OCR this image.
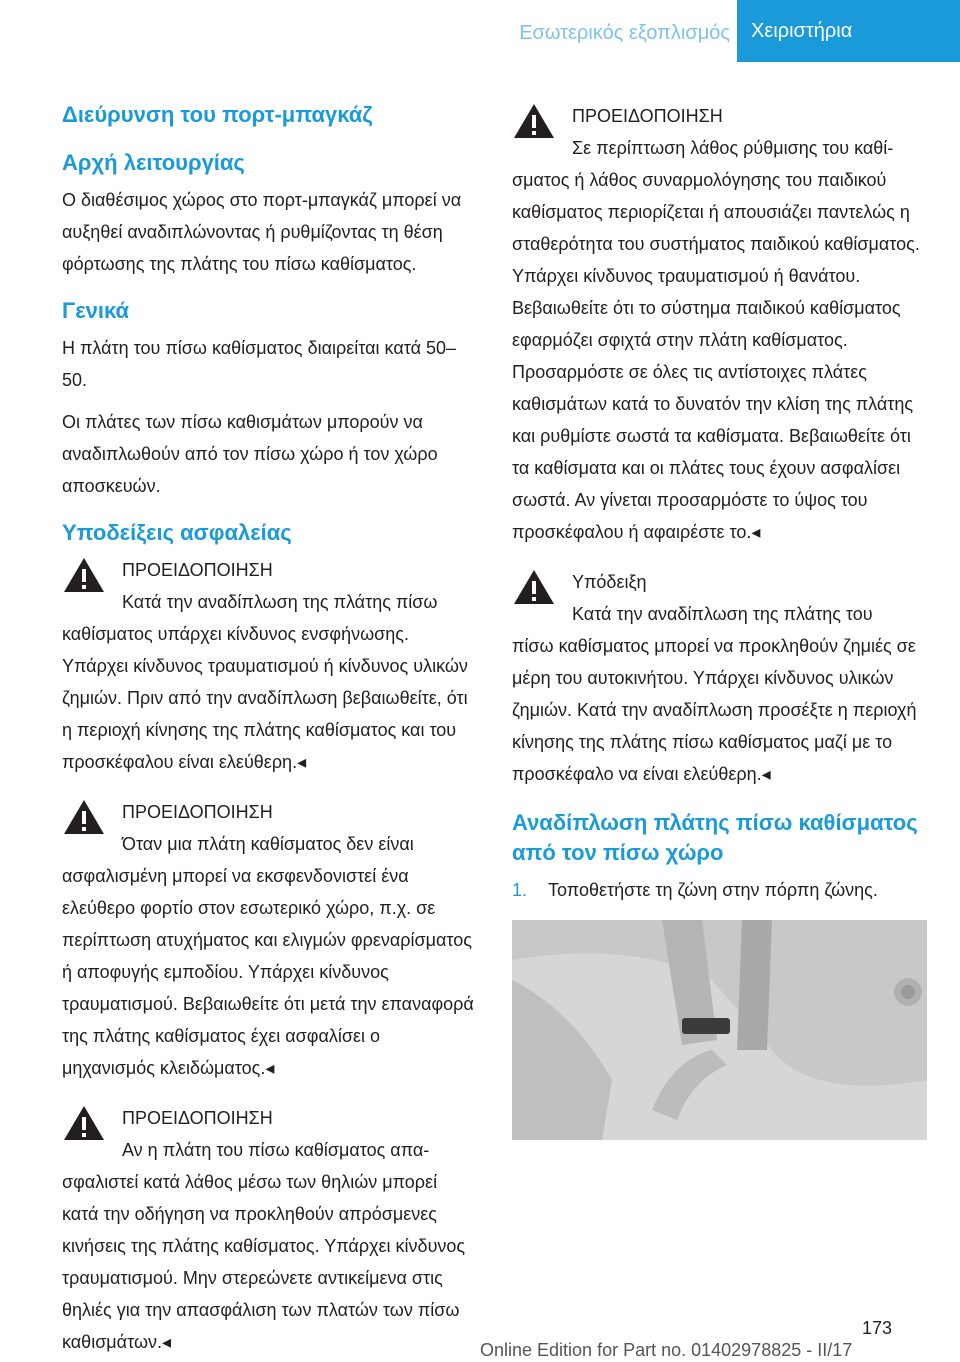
Εσωτερικός εξοπλισμός	Χειριστήρια
Διεύρυνση του πορτ-μπαγκάζ
Αρχή λειτουργίας

Ο διαθέσιμος χώρος στο πορτ-μπαγκάζ μπορεί να αυξηθεί αναδιπλώνοντας ή ρυθμίζοντας τη θέση φόρτωσης της πλάτης του πίσω καθίσματος.

Γενικά

Η πλάτη του πίσω καθίσματος διαιρείται κατά 50–50.

Οι πλάτες των πίσω καθισμάτων μπορούν να αναδιπλωθούν από τον πίσω χώρο ή τον χώρο αποσκευών.

Υποδείξεις ασφαλείας
ΠΡΟΕΙΔΟΠΟΙΗΣΗ
Κατά την αναδίπλωση της πλάτης πίσω
καθίσματος υπάρχει κίνδυνος ενσφήνωσης. Υπάρχει κίνδυνος τραυματισμού ή κίνδυνος υλικών ζημιών. Πριν από την αναδίπλωση βεβαιωθείτε, ότι η περιοχή κίνησης της πλάτης καθίσματος και του προσκέφαλου είναι ελεύθερη.◂
ΠΡΟΕΙΔΟΠΟΙΗΣΗ
Όταν μια πλάτη καθίσματος δεν είναι
ασφαλισμένη μπορεί να εκσφενδονιστεί ένα ελεύθερο φορτίο στον εσωτερικό χώρο, π.χ. σε περίπτωση ατυχήματος και ελιγμών φρεναρίσματος ή αποφυγής εμποδίου. Υπάρχει κίνδυνος τραυματισμού. Βεβαιωθείτε ότι μετά την επαναφορά της πλάτης καθίσματος έχει ασφαλίσει ο μηχανισμός κλειδώματος.◂
ΠΡΟΕΙΔΟΠΟΙΗΣΗ
Αν η πλάτη του πίσω καθίσματος απα-
σφαλιστεί κατά λάθος μέσω των θηλιών μπορεί κατά την οδήγηση να προκληθούν απρόσμενες κινήσεις της πλάτης καθίσματος. Υπάρχει κίνδυνος τραυματισμού. Μην στερεώνετε αντικείμενα στις θηλιές για την απασφάλιση των πλατών των πίσω καθισμάτων.◂
ΠΡΟΕΙΔΟΠΟΙΗΣΗ
Σε περίπτωση λάθος ρύθμισης του καθί-
σματος ή λάθος συναρμολόγησης του παιδικού καθίσματος περιορίζεται ή απουσιάζει παντελώς η σταθερότητα του συστήματος παιδικού καθίσματος. Υπάρχει κίνδυνος τραυματισμού ή θανάτου. Βεβαιωθείτε ότι το σύστημα παιδικού καθίσματος εφαρμόζει σφιχτά στην πλάτη καθίσματος. Προσαρμόστε σε όλες τις αντίστοιχες πλάτες καθισμάτων κατά το δυνατόν την κλίση της πλάτης και ρυθμίστε σωστά τα καθίσματα. Βεβαιωθείτε ότι τα καθίσματα και οι πλάτες τους έχουν ασφαλίσει σωστά. Αν γίνεται προσαρμόστε το ύψος του προσκέφαλου ή αφαιρέστε το.◂
Υπόδειξη
Κατά την αναδίπλωση της πλάτης του
πίσω καθίσματος μπορεί να προκληθούν ζημιές σε μέρη του αυτοκινήτου. Υπάρχει κίνδυνος υλικών ζημιών. Κατά την αναδίπλωση προσέξτε η περιοχή κίνησης της πλάτης πίσω καθίσματος μαζί με το προσκέφαλο να είναι ελεύθερη.◂
Αναδίπλωση πλάτης πίσω καθίσματος από τον πίσω χώρο
1.	Τοποθετήστε τη ζώνη στην πόρπη ζώνης.
173
Online Edition for Part no. 01402978825 - II/17
